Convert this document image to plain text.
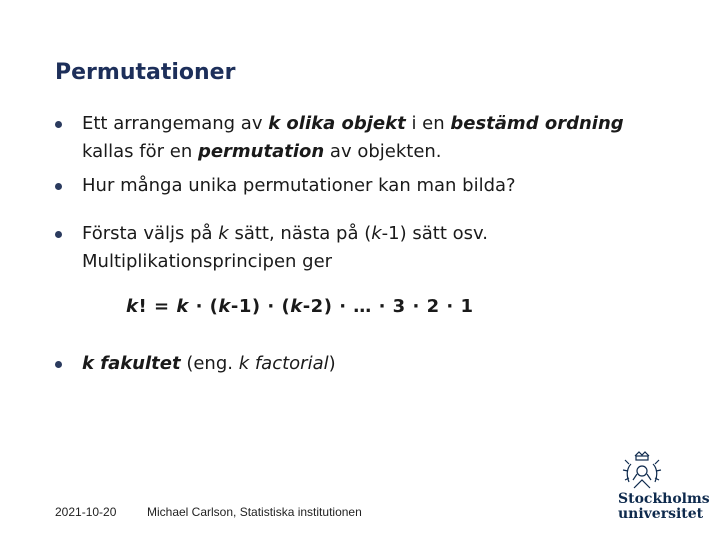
Permutationer
Ett arrangemang av k olika objekt i en bestämd ordning kallas för en permutation av objekten.
Hur många unika permutationer kan man bilda?
Första väljs på k sätt, nästa på (k-1) sätt osv.
Multiplikationsprincipen ger
k! = k · (k-1) · (k-2) · … · 3 · 2 · 1
k fakultet (eng. k factorial)
2021-10-20	Michael Carlson, Statistiska institutionen
Stockholms
universitet
